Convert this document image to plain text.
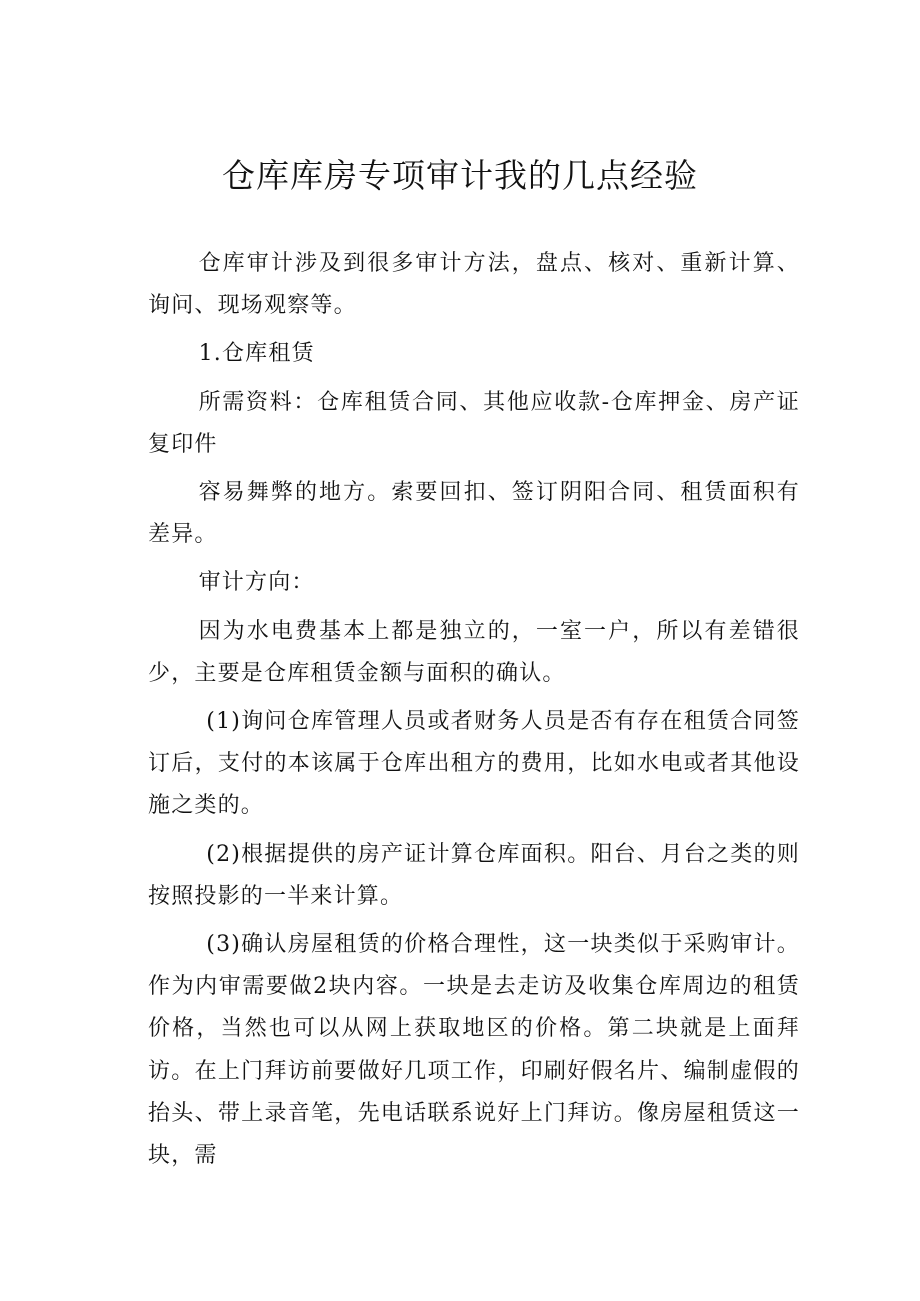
仓库库房专项审计我的几点经验

仓库审计涉及到很多审计方法，盘点、核对、重新计算、询问、现场观察等。

1.仓库租赁

所需资料：仓库租赁合同、其他应收款-仓库押金、房产证复印件

容易舞弊的地方。索要回扣、签订阴阳合同、租赁面积有差异。

审计方向：

因为水电费基本上都是独立的，一室一户，所以有差错很少，主要是仓库租赁金额与面积的确认。

(1)询问仓库管理人员或者财务人员是否有存在租赁合同签订后，支付的本该属于仓库出租方的费用，比如水电或者其他设施之类的。

(2)根据提供的房产证计算仓库面积。阳台、月台之类的则按照投影的一半来计算。

(3)确认房屋租赁的价格合理性，这一块类似于采购审计。作为内审需要做2块内容。一块是去走访及收集仓库周边的租赁价格，当然也可以从网上获取地区的价格。第二块就是上面拜访。在上门拜访前要做好几项工作，印刷好假名片、编制虚假的抬头、带上录音笔，先电话联系说好上门拜访。像房屋租赁这一块，需
